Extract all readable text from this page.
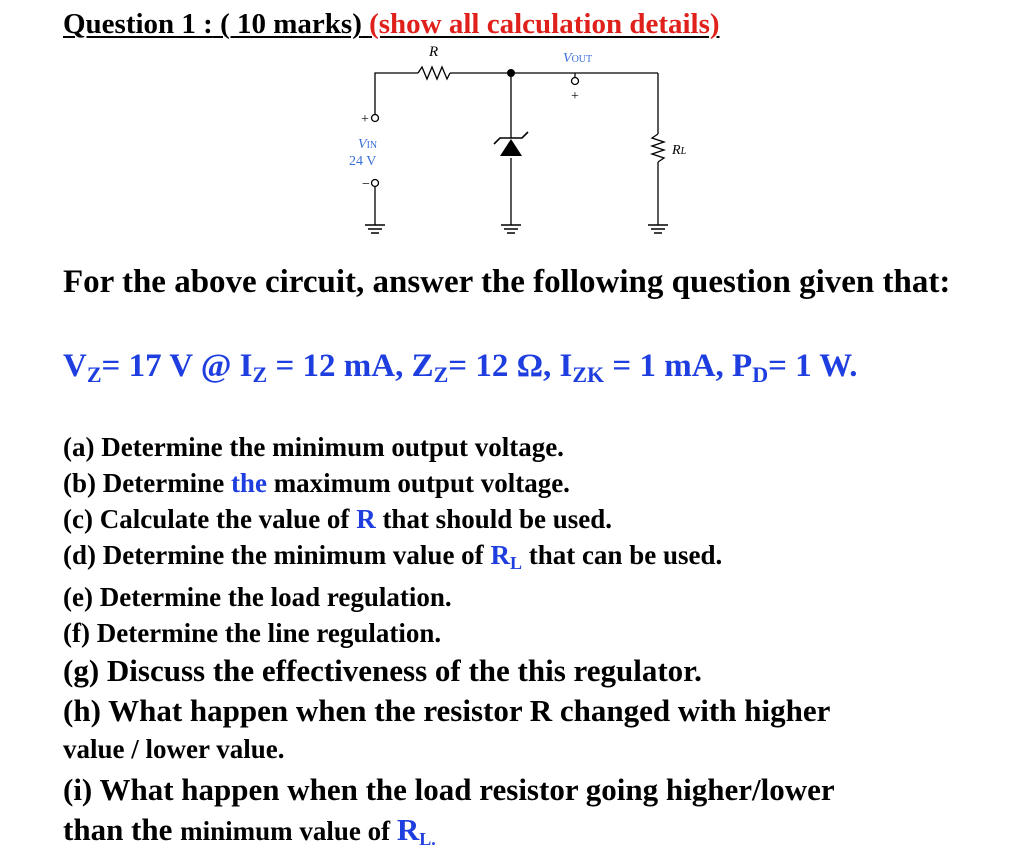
Question 1 : ( 10 marks) (show all calculation details)
R	VOUT
+
+
VIN
24 V
−
RL
For the above circuit, answer the following question given that:
$V_Z= 17$ V @ $I_Z = 12$ mA, $Z_Z= 12$ Ω, $I_{ZK} = 1$ mA, $P_D= 1$ W.
(a) Determine the minimum output voltage.
(b) Determine the maximum output voltage.
(c) Calculate the value of R that should be used.
(d) Determine the minimum value of $R_L$ that can be used.
(e) Determine the load regulation.
(f) Determine the line regulation.
(g) Discuss the effectiveness of the this regulator.
(h) What happen when the resistor R changed with higher
value / lower value.
(i) What happen when the load resistor going higher/lower
than the minimum value of $R_{L.}$
